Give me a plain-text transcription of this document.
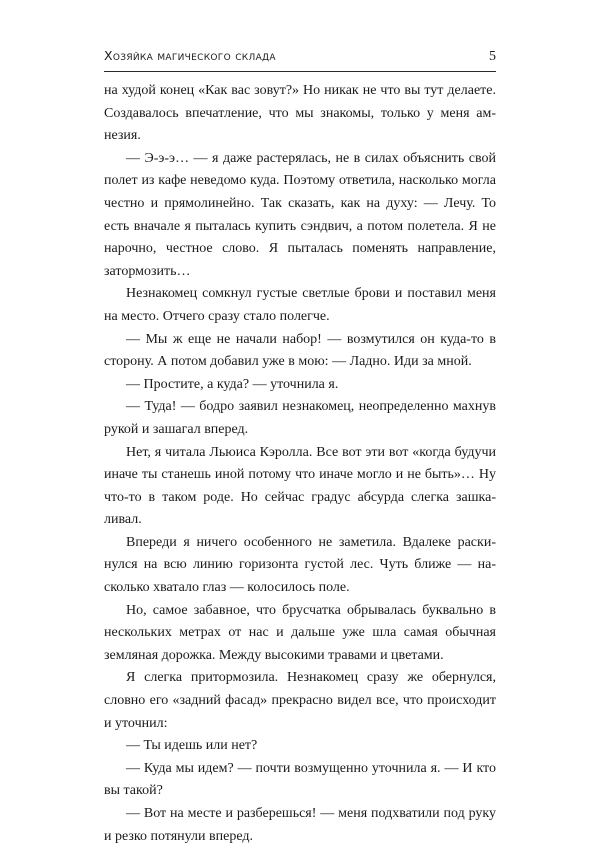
Хозяйка магического склада	5

на худой конец «Как вас зовут?» Но никак не что вы тут делаете. Создавалось впечатление, что мы знакомы, только у меня амнезия.

— Э-э-э… — я даже растерялась, не в силах объяснить свой полет из кафе неведомо куда. Поэтому ответила, насколько могла честно и прямолинейно. Так сказать, как на духу: — Лечу. То есть вначале я пыталась купить сэндвич, а потом полетела. Я не нарочно, честное слово. Я пыталась поменять направление, затормозить…

Незнакомец сомкнул густые светлые брови и поставил меня на место. Отчего сразу стало полегче.

— Мы ж еще не начали набор! — возмутился он куда-то в сторону. А потом добавил уже в мою: — Ладно. Иди за мной.

— Простите, а куда? — уточнила я.

— Туда! — бодро заявил незнакомец, неопределенно махнув рукой и зашагал вперед.

Нет, я читала Льюиса Кэролла. Все вот эти вот «когда будучи иначе ты станешь иной потому что иначе могло и не быть»… Ну что-то в таком роде. Но сейчас градус абсурда слегка зашкаливал.

Впереди я ничего особенного не заметила. Вдалеке раскинулся на всю линию горизонта густой лес. Чуть ближе — насколько хватало глаз — колосилось поле.

Но, самое забавное, что брусчатка обрывалась буквально в нескольких метрах от нас и дальше уже шла самая обычная земляная дорожка. Между высокими травами и цветами.

Я слегка притормозила. Незнакомец сразу же обернулся, словно его «задний фасад» прекрасно видел все, что происходит и уточнил:

— Ты идешь или нет?

— Куда мы идем? — почти возмущенно уточнила я. — И кто вы такой?

— Вот на месте и разберешься! — меня подхватили под руку и резко потянули вперед.
